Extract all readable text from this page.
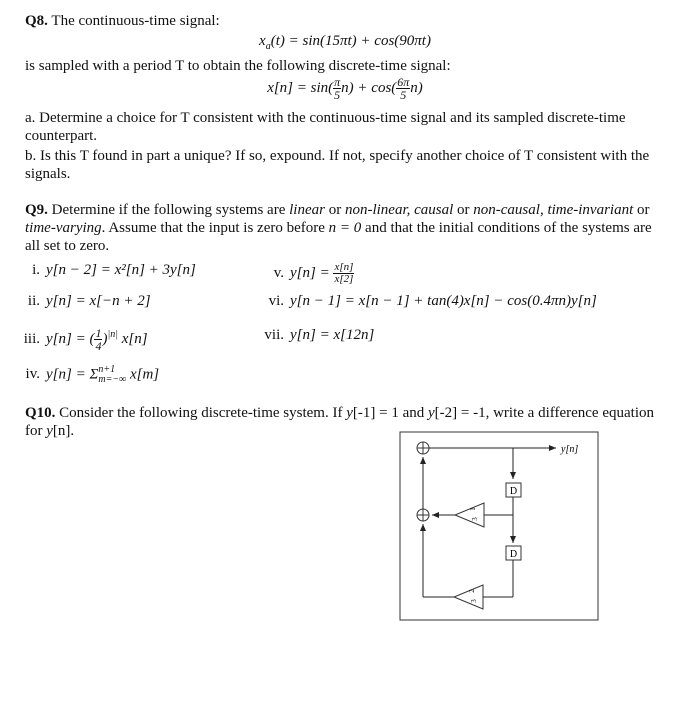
Q8. The continuous-time signal:
$x_a(t) = \sin(15\pi t) + \cos(90\pi t)$
is sampled with a period T to obtain the following discrete-time signal:
$x[n] = \sin( \frac{\pi}{5} n) + \cos( \frac{6\pi}{5} n)$
a. Determine a choice for T consistent with the continuous-time signal and its sampled discrete-time counterpart.
b. Is this T found in part a unique? If so, expound. If not, specify another choice of T consistent with the signals.
Q9. Determine if the following systems are linear or non-linear, causal or non-causal, time-invariant or time-varying. Assume that the input is zero before n = 0 and that the initial conditions of the systems are all set to zero.
i. y[n − 2] = x²[n] + 3y[n]
ii. y[n] = x[−n + 2]
iii. y[n] = ( $\frac{1}{4} )^{|n|}$ x[n]
iv. y[n] = Σ n+1
m=−∞ x[m]
v. $y[n] = \frac{x[n]}{x[2]}$
vi. y[n − 1] = x[n − 1] + tan(4)x[n] − cos(0.4πn)y[n]
vii. y[n] = x[12n]
Q10. Consider the following discrete-time system. If y[-1] = 1 and y[-2] = -1, write a difference equation for y[n].
y[n]
D
D
1
3
2
3
